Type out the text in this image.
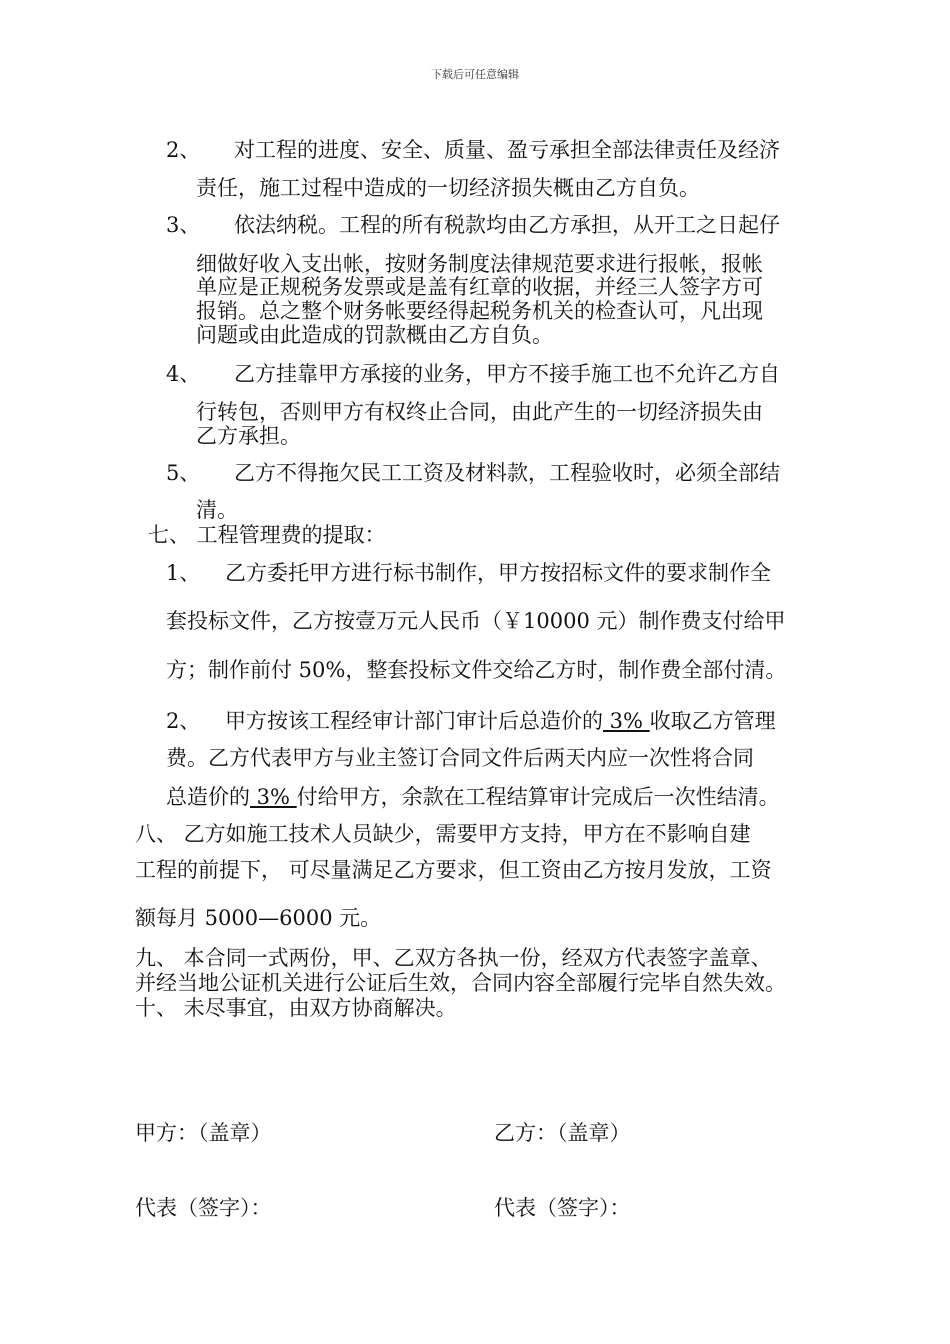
下载后可任意编辑
2、 对工程的进度、安全、质量、盈亏承担全部法律责任及经济
责任，施工过程中造成的一切经济损失概由乙方自负。
3、 依法纳税。工程的所有税款均由乙方承担，从开工之日起仔
细做好收入支出帐，按财务制度法律规范要求进行报帐，报帐
单应是正规税务发票或是盖有红章的收据，并经三人签字方可
报销。总之整个财务帐要经得起税务机关的检查认可，凡出现
问题或由此造成的罚款概由乙方自负。
4、 乙方挂靠甲方承接的业务，甲方不接手施工也不允许乙方自
行转包，否则甲方有权终止合同，由此产生的一切经济损失由
乙方承担。
5、 乙方不得拖欠民工工资及材料款，工程验收时，必须全部结
清。
七、 工程管理费的提取：
1、 乙方委托甲方进行标书制作，甲方按招标文件的要求制作全
套投标文件，乙方按壹万元人民币（￥10000 元）制作费支付给甲
方；制作前付 50%，整套投标文件交给乙方时，制作费全部付清。
2、 甲方按该工程经审计部门审计后总造价的 3% 收取乙方管理
费。乙方代表甲方与业主签订合同文件后两天内应一次性将合同
总造价的 3% 付给甲方，余款在工程结算审计完成后一次性结清。
八、 乙方如施工技术人员缺少，需要甲方支持，甲方在不影响自建
工程的前提下， 可尽量满足乙方要求，但工资由乙方按月发放，工资
额每月 5000—6000 元。
九、 本合同一式两份，甲、乙双方各执一份，经双方代表签字盖章、
并经当地公证机关进行公证后生效，合同内容全部履行完毕自然失效。
十、 未尽事宜，由双方协商解决。
甲方：（盖章）	乙方：（盖章）
代表（签字）：	代表（签字）：
